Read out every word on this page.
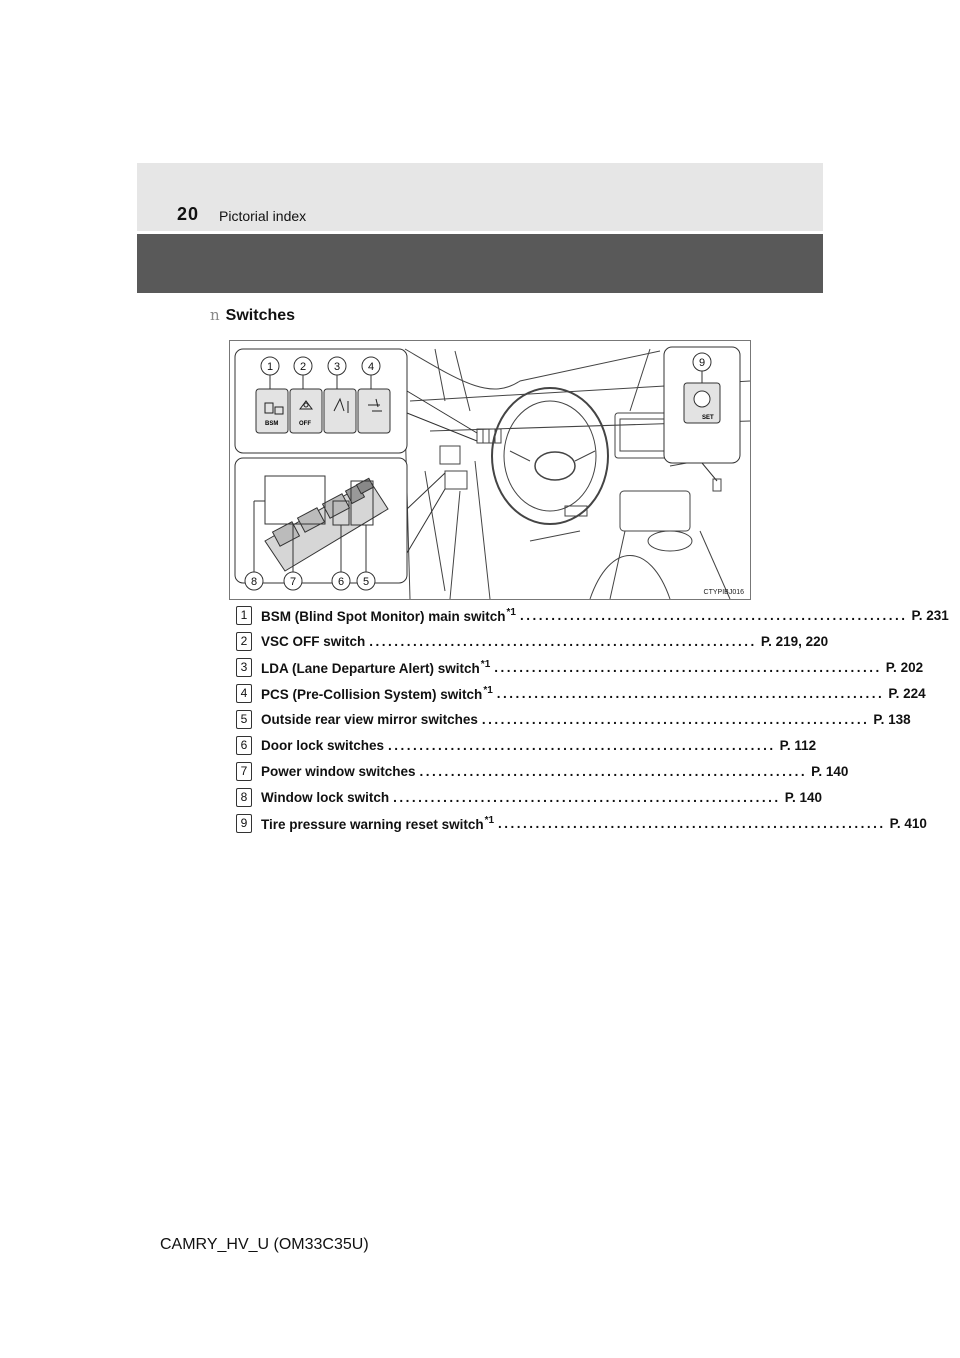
20 Pictorial index
n Switches
BSM	OFF
SET
1 2	3	4
5
6
7
8
9
CTYPIBJ016
1	BSM (Blind Spot Monitor) main switch$^{*1}$ .............................................................. P. 231
2	VSC OFF switch .............................................................. P. 219, 220
3	LDA (Lane Departure Alert) switch$^{*1}$ .............................................................. P. 202
4	PCS (Pre-Collision System) switch$^{*1}$ .............................................................. P. 224
5	Outside rear view mirror switches .............................................................. P. 138
6	Door lock switches .............................................................. P. 112
7	Power window switches .............................................................. P. 140
8	Window lock switch .............................................................. P. 140
9	Tire pressure warning reset switch$^{*1}$ .............................................................. P. 410
CAMRY_HV_U (OM33C35U)
